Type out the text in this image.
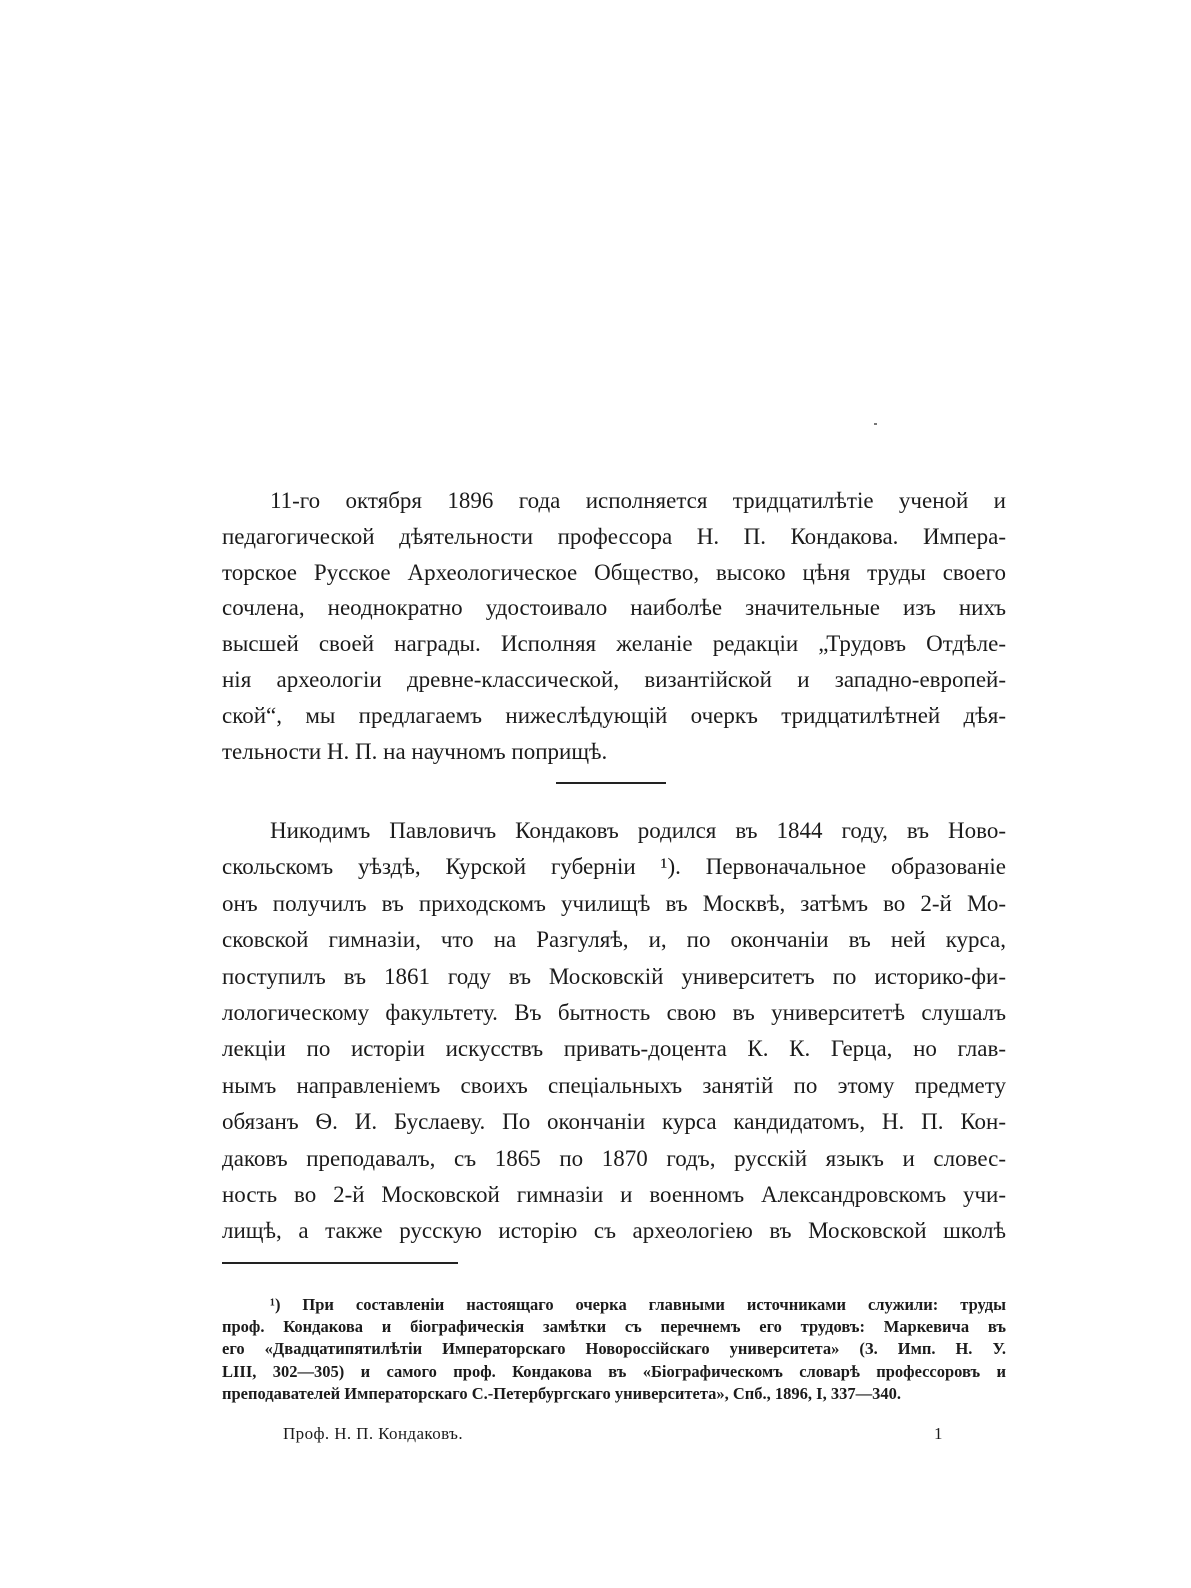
11-го октября 1896 года исполняется тридцатилѣтіе ученой и
педагогической дѣятельности профессора Н. П. Кондакова. Импера-
торское Русское Археологическое Общество, высоко цѣня труды своего
сочлена, неоднократно удостоивало наиболѣе значительные изъ нихъ
высшей своей награды. Исполняя желаніе редакціи „Трудовъ Отдѣле-
нія археологіи древне-классической, византійской и западно-европей-
ской“, мы предлагаемъ нижеслѣдующій очеркъ тридцатилѣтней дѣя-
тельности Н. П. на научномъ поприщѣ.
Никодимъ Павловичъ Кондаковъ родился въ 1844 году, въ Ново-
скольскомъ уѣздѣ, Курской губерніи ¹). Первоначальное образованіе
онъ получилъ въ приходскомъ училищѣ въ Москвѣ, затѣмъ во 2-й Мо-
сковской гимназіи, что на Разгуляѣ, и, по окончаніи въ ней курса,
поступилъ въ 1861 году въ Московскій университетъ по историко-фи-
лологическому факультету. Въ бытность свою въ университетѣ слушалъ
лекціи по исторіи искусствъ привать-доцента К. К. Герца, но глав-
нымъ направленіемъ своихъ спеціальныхъ занятій по этому предмету
обязанъ Ѳ. И. Буслаеву. По окончаніи курса кандидатомъ, Н. П. Кон-
даковъ преподавалъ, съ 1865 по 1870 годъ, русскій языкъ и словес-
ность во 2-й Московской гимназіи и военномъ Александровскомъ учи-
лищѣ, а также русскую исторію съ археологіею въ Московской школѣ
¹) При составленіи настоящаго очерка главными источниками служили: труды
проф. Кондакова и біографическія замѣтки съ перечнемъ его трудовъ: Маркевича въ
его «Двадцатипятилѣтіи Императорскаго Новороссійскаго университета» (З. Имп. Н. У.
LIII, 302—305) и самого проф. Кондакова въ «Біографическомъ словарѣ профессоровъ и
преподавателей Императорскаго С.-Петербургскаго университета», Спб., 1896, I, 337—340.
Проф. Н. П. Кондаковъ.	1
